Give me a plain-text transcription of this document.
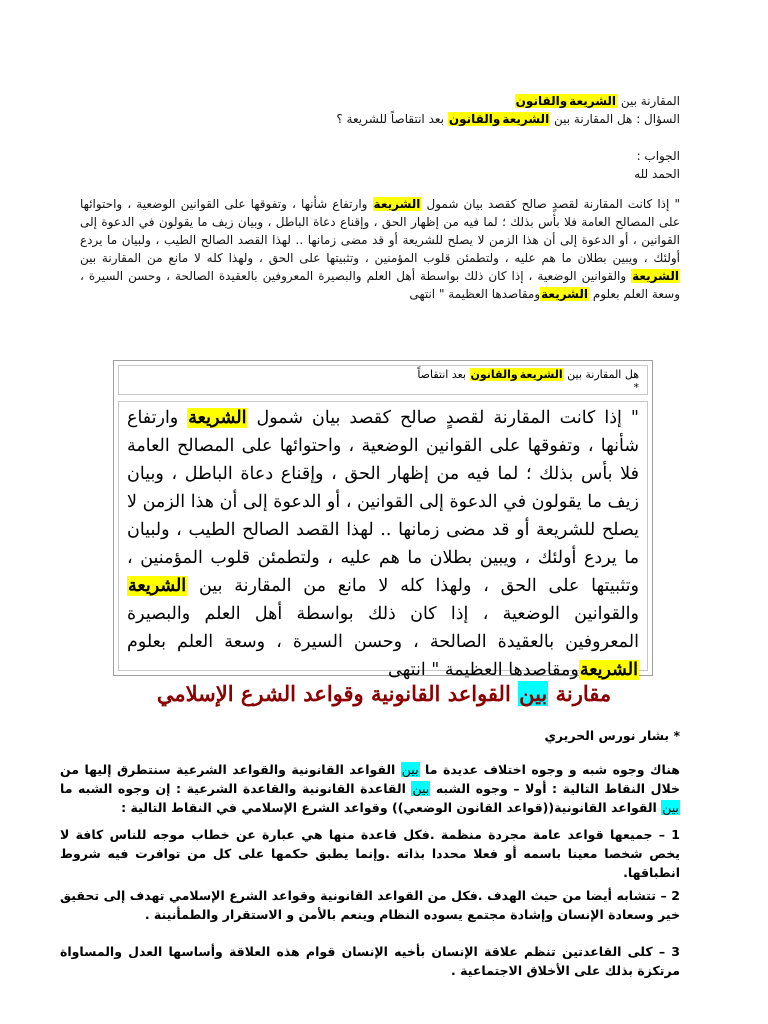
المقارنة بين الشريعةوالقانون
السؤال : هل المقارنة بين الشريعةوالقانون بعد انتقاصاً للشريعة ؟
الجواب :
الحمد لله
" إذا كانت المقارنة لقصدٍ صالح كقصد بيان شمول الشريعة وارتفاع شأنها ، وتفوقها على القوانين الوضعية ، واحتوائها على المصالح العامة فلا بأس بذلك ؛ لما فيه من إظهار الحق ، وإقناع دعاة الباطل ، وبيان زيف ما يقولون في الدعوة إلى القوانين ، أو الدعوة إلى أن هذا الزمن لا يصلح للشريعة أو قد مضى زمانها .. لهذا القصد الصالح الطيب ، ولبيان ما يردع أولئك ، ويبين بطلان ما هم عليه ، ولتطمئن قلوب المؤمنين ، وتثبيتها على الحق ، ولهذا كله لا مانع من المقارنة بين الشريعة والقوانين الوضعية ، إذا كان ذلك بواسطة أهل العلم والبصيرة المعروفين بالعقيدة الصالحة ، وحسن السيرة ، وسعة العلم بعلوم الشريعةومقاصدها العظيمة " انتهى
هل المقارنة بين الشريعةوالقانون بعد انتقاصاً
*
" إذا كانت المقارنة لقصدٍ صالح كقصد بيان شمول الشريعة وارتفاع شأنها ، وتفوقها على القوانين الوضعية ، واحتوائها على المصالح العامة فلا بأس بذلك ؛ لما فيه من إظهار الحق ، وإقناع دعاة الباطل ، وبيان زيف ما يقولون في الدعوة إلى القوانين ، أو الدعوة إلى أن هذا الزمن لا يصلح للشريعة أو قد مضى زمانها .. لهذا القصد الصالح الطيب ، ولبيان ما يردع أولئك ، ويبين بطلان ما هم عليه ، ولتطمئن قلوب المؤمنين ، وتثبيتها على الحق ، ولهذا كله لا مانع من المقارنة بين الشريعة والقوانين الوضعية ، إذا كان ذلك بواسطة أهل العلم والبصيرة المعروفين بالعقيدة الصالحة ، وحسن السيرة ، وسعة العلم بعلوم الشريعةومقاصدها العظيمة " انتهى
مقارنة بين القواعد القانونية وقواعد الشرع الإسلامي
* بشار نورس الحريري
هناك وجوه شبه و وجوه اختلاف عديدة ما بين القواعد القانونية والقواعد الشرعية سنتطرق إليها من خلال النقاط التالية : أولا – وجوه الشبه بين القاعدة القانونية والقاعدة الشرعية : إن وجوه الشبه ما بين القواعد القانونية((قواعد القانون الوضعي)) وقواعد الشرع الإسلامي في النقاط التالية :
1 – جميعها قواعد عامة مجردة منظمة .فكل قاعدة منها هي عبارة عن خطاب موجه للناس كافة لا يخص شخصا معينا باسمه أو فعلا محددا بذاته .وإنما يطبق حكمها على كل من توافرت فيه شروط انطباقها.
2 – تتشابه أيضا من حيث الهدف .فكل من القواعد القانونية وقواعد الشرع الإسلامي تهدف إلى تحقيق خير وسعادة الإنسان وإشادة مجتمع يسوده النظام وينعم بالأمن و الاستقرار والطمأنينة .
3 – كلى القاعدتين تنظم علاقة الإنسان بأخيه الإنسان قوام هذه العلاقة وأساسها العدل والمساواة مرتكزة بذلك على الأخلاق الاجتماعية .
